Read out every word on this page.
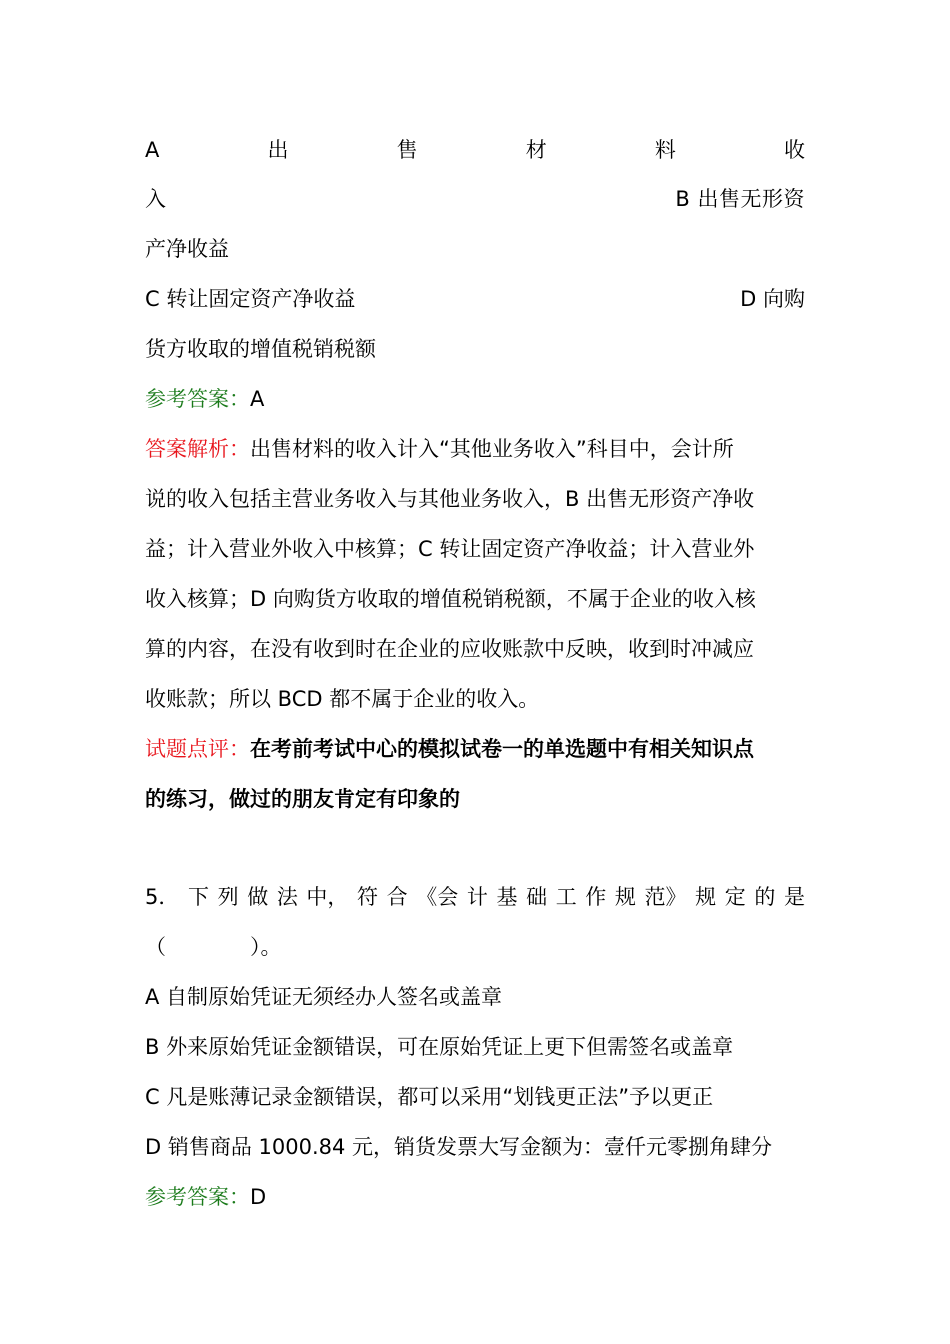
A	出	售	材	料	收
入	B 出售无形资
产净收益
C 转让固定资产净收益	D 向购
货方收取的增值税销税额
参考答案：A
答案解析：出售材料的收入计入“其他业务收入”科目中，会计所
说的收入包括主营业务收入与其他业务收入，B 出售无形资产净收
益；计入营业外收入中核算；C 转让固定资产净收益；计入营业外
收入核算；D 向购货方收取的增值税销税额，不属于企业的收入核
算的内容，在没有收到时在企业的应收账款中反映，收到时冲减应
收账款；所以 BCD 都不属于企业的收入。
试题点评：在考前考试中心的模拟试卷一的单选题中有相关知识点
的练习，做过的朋友肯定有印象的
5． 下 列 做 法 中， 符 合 《会 计 基 础 工 作 规 范》 规 定 的 是
（　　　　）。
A 自制原始凭证无须经办人签名或盖章
B 外来原始凭证金额错误，可在原始凭证上更下但需签名或盖章
C 凡是账薄记录金额错误，都可以采用“划钱更正法”予以更正
D 销售商品 1000.84 元，销货发票大写金额为：壹仟元零捌角肆分
参考答案：D
